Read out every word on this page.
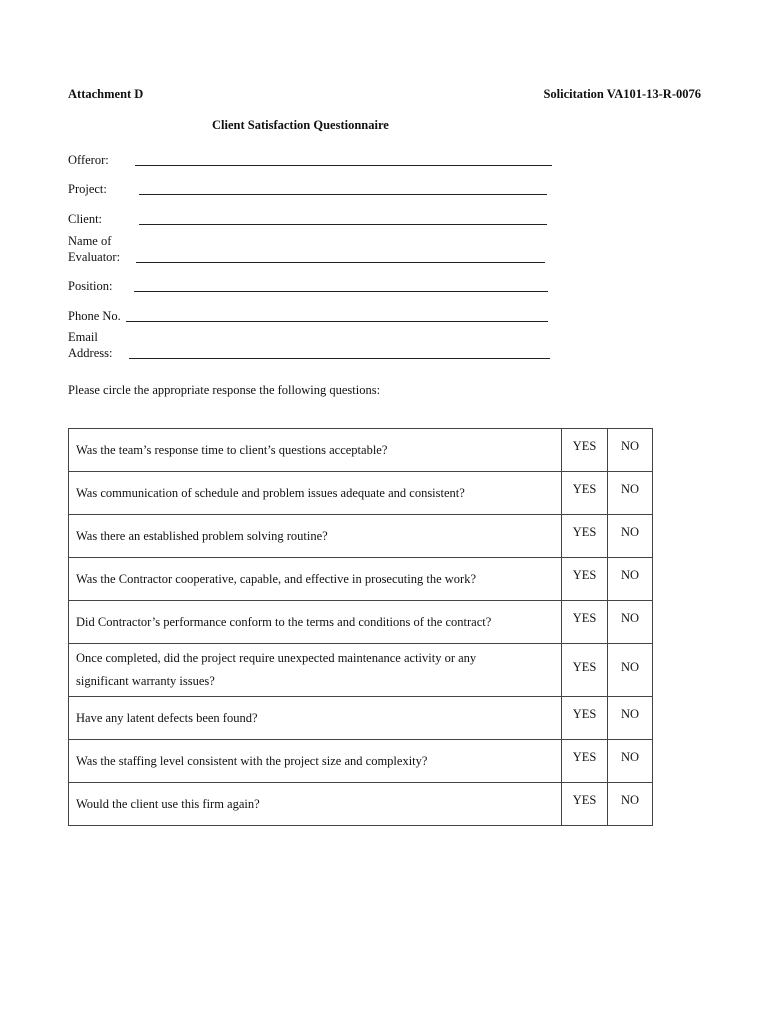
Attachment D	Solicitation VA101-13-R-0076
Client Satisfaction Questionnaire
Offeror:
Project:
Client:
Name of
Evaluator:
Position:
Phone No.
Email
Address:
Please circle the appropriate response the following questions:
Was the team’s response time to client’s questions acceptable?	YES	NO

Was communication of schedule and problem issues adequate and consistent?	YES	NO

Was there an established problem solving routine?	YES	NO

Was the Contractor cooperative, capable, and effective in prosecuting the work?	YES	NO

Did Contractor’s performance conform to the terms and conditions of the contract?	YES	NO

Once completed, did the project require unexpected maintenance activity or any significant warranty issues?	YES	NO

Have any latent defects been found?	YES	NO

Was the staffing level consistent with the project size and complexity?	YES	NO

Would the client use this firm again?	YES	NO
